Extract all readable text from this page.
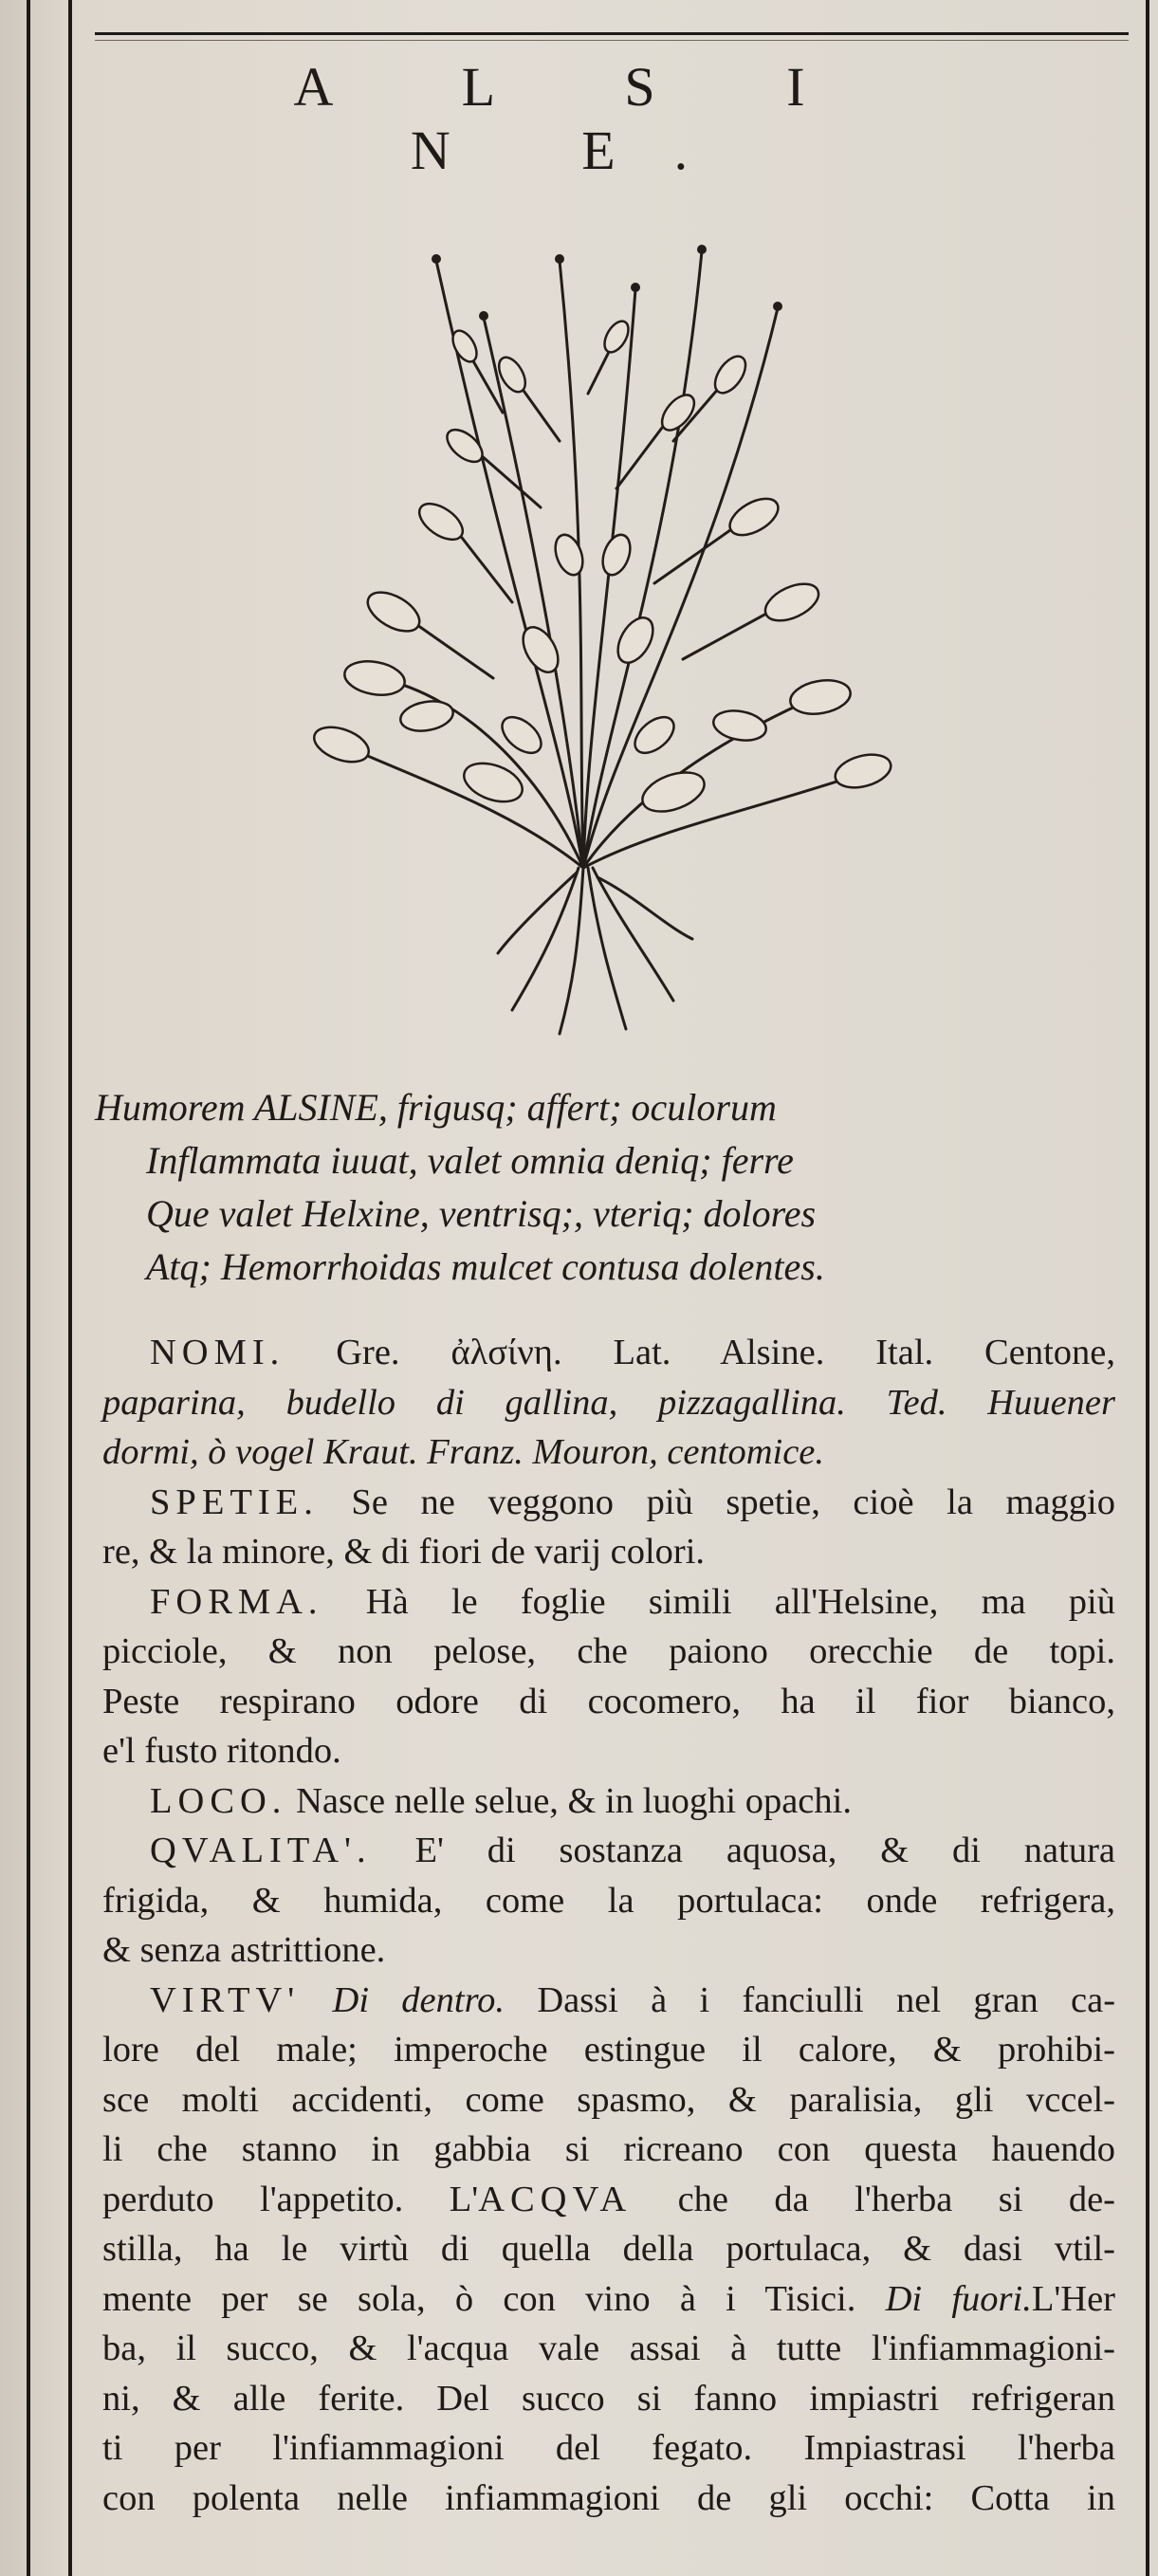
A L S I N E.
Humorem ALSINE, frigusq; affert; oculorum
Inflammata iuuat, valet omnia deniq; ferre
Que valet Helxine, ventrisq;, vteriq; dolores
Atq; Hemorrhoidas mulcet contusa dolentes.

NOMI. Gre. ἀλσίνη. Lat. Alsine. Ital. Centone,
paparina, budello di gallina, pizzagallina. Ted. Huuener
dormi, ò vogel Kraut. Franz. Mouron, centomice.

SPETIE. Se ne veggono più spetie, cioè la maggio
re, & la minore, & di fiori de varij colori.

FORMA. Hà le foglie simili all'Helsine, ma più
picciole, & non pelose, che paiono orecchie de topi.
Peste respirano odore di cocomero, ha il fior bianco,
e'l fusto ritondo.

LOCO. Nasce nelle selue, & in luoghi opachi.

QVALITA'. E' di sostanza aquosa, & di natura
frigida, & humida, come la portulaca: onde refrigera,
& senza astrittione.

VIRTV' Di dentro. Dassi à i fanciulli nel gran ca-
lore del male; imperoche estingue il calore, & prohibi-
sce molti accidenti, come spasmo, & paralisia, gli vccel-
li che stanno in gabbia si ricreano con questa hauendo
perduto l'appetito. L'ACQVA che da l'herba si de-
stilla, ha le virtù di quella della portulaca, & dasi vtil-
mente per se sola, ò con vino à i Tisici. Di fuori.L'Her
ba, il succo, & l'acqua vale assai à tutte l'infiammagioni-
ni, & alle ferite. Del succo si fanno impiastri refrigeran
ti per l'infiammagioni del fegato. Impiastrasi l'herba
con polenta nelle infiammagioni de gli occhi: Cotta in
